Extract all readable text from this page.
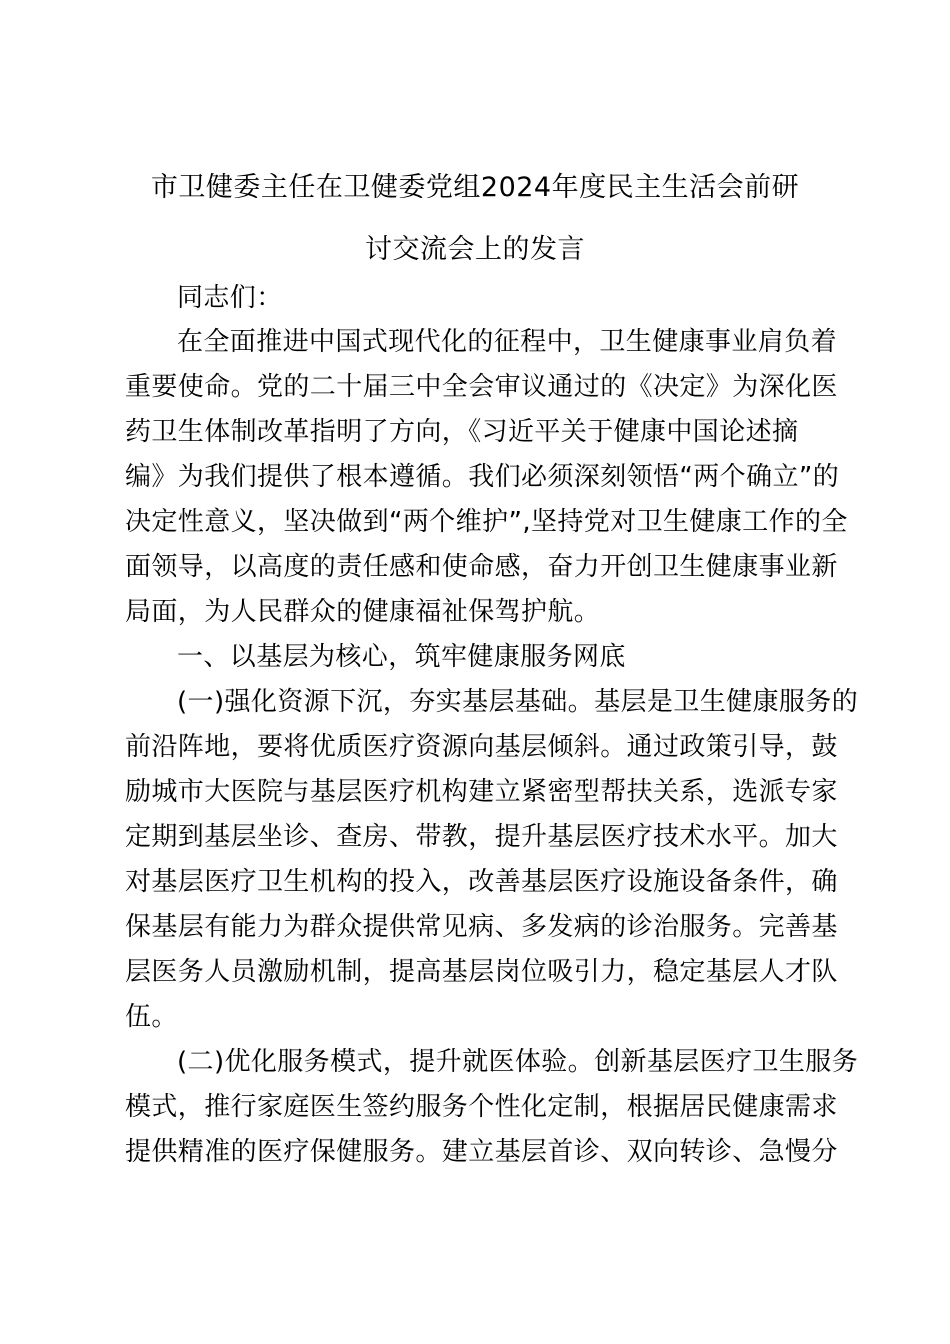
市卫健委主任在卫健委党组2024年度民主生活会前研
讨交流会上的发言
同志们：
在全面推进中国式现代化的征程中，卫生健康事业肩负着
重要使命。党的二十届三中全会审议通过的《决定》为深化医
药卫生体制改革指明了方向，《习近平关于健康中国论述摘
编》为我们提供了根本遵循。我们必须深刻领悟“两个确立”的
决定性意义，坚决做到“两个维护”,坚持党对卫生健康工作的全
面领导，以高度的责任感和使命感，奋力开创卫生健康事业新
局面，为人民群众的健康福祉保驾护航。
一、以基层为核心，筑牢健康服务网底
(一)强化资源下沉，夯实基层基础。基层是卫生健康服务的
前沿阵地，要将优质医疗资源向基层倾斜。通过政策引导，鼓
励城市大医院与基层医疗机构建立紧密型帮扶关系，选派专家
定期到基层坐诊、查房、带教，提升基层医疗技术水平。加大
对基层医疗卫生机构的投入，改善基层医疗设施设备条件，确
保基层有能力为群众提供常见病、多发病的诊治服务。完善基
层医务人员激励机制，提高基层岗位吸引力，稳定基层人才队
伍。
(二)优化服务模式，提升就医体验。创新基层医疗卫生服务
模式，推行家庭医生签约服务个性化定制，根据居民健康需求
提供精准的医疗保健服务。建立基层首诊、双向转诊、急慢分
